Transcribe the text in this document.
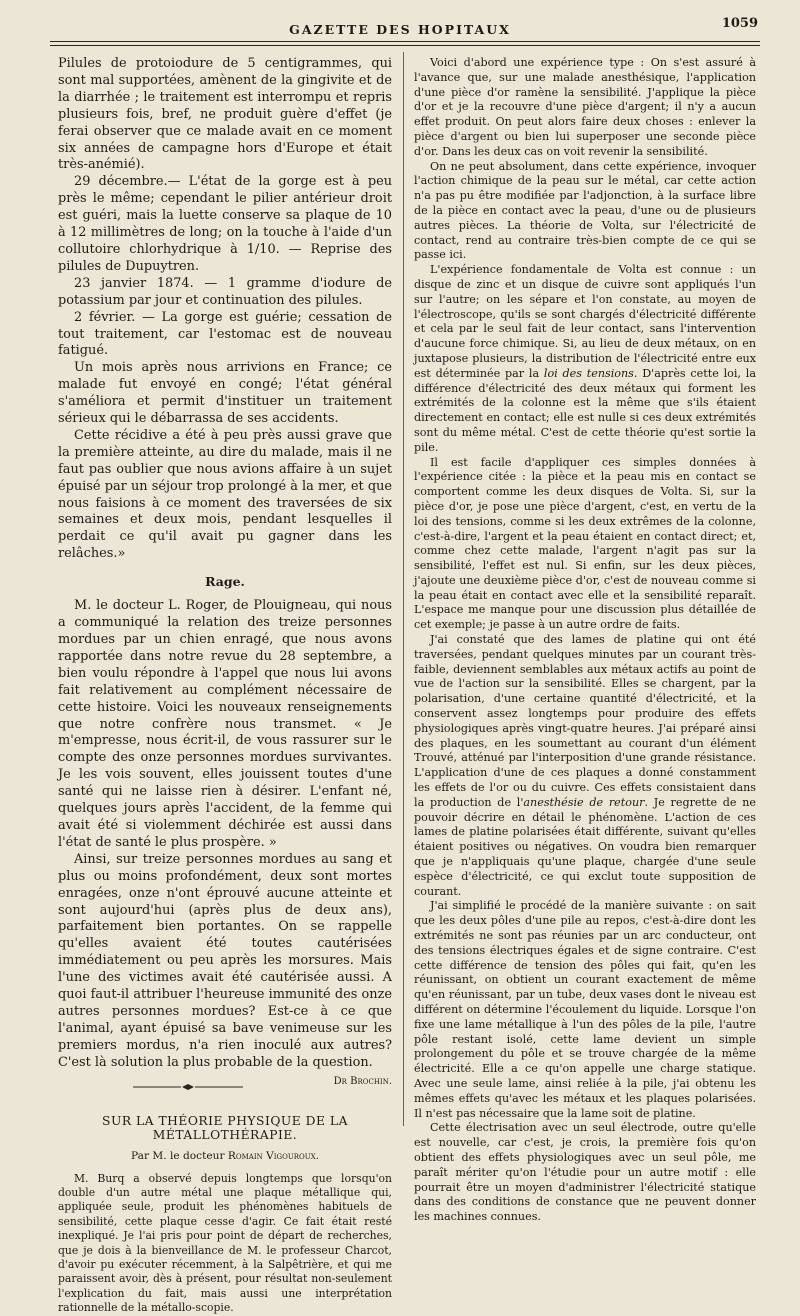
GAZETTE DES HOPITAUX	1059

Pilules de protoiodure de 5 centigrammes, qui sont mal supportées, amènent de la gingivite et de la diarrhée ; le traitement est interrompu et repris plusieurs fois, bref, ne produit guère d'effet (je ferai observer que ce malade avait en ce moment six années de campagne hors d'Europe et était très-anémié).

29 décembre.— L'état de la gorge est à peu près le même; cependant le pilier antérieur droit est guéri, mais la luette conserve sa plaque de 10 à 12 millimètres de long; on la touche à l'aide d'un collutoire chlorhydrique à 1/10. — Reprise des pilules de Dupuytren.

23 janvier 1874. — 1 gramme d'iodure de potassium par jour et continuation des pilules.

2 février. — La gorge est guérie; cessation de tout traitement, car l'estomac est de nouveau fatigué.

Un mois après nous arrivions en France; ce malade fut envoyé en congé; l'état général s'améliora et permit d'instituer un traitement sérieux qui le débarrassa de ses accidents.

Cette récidive a été à peu près aussi grave que la première atteinte, au dire du malade, mais il ne faut pas oublier que nous avions affaire à un sujet épuisé par un séjour trop prolongé à la mer, et que nous faisions à ce moment des traversées de six semaines et deux mois, pendant lesquelles il perdait ce qu'il avait pu gagner dans les relâches.»

Rage.

M. le docteur L. Roger, de Plouigneau, qui nous a communiqué la relation des treize personnes mordues par un chien enragé, que nous avons rapportée dans notre revue du 28 septembre, a bien voulu répondre à l'appel que nous lui avons fait relativement au complément nécessaire de cette histoire. Voici les nouveaux renseignements que notre confrère nous transmet. « Je m'empresse, nous écrit-il, de vous rassurer sur le compte des onze personnes mordues survivantes. Je les vois souvent, elles jouissent toutes d'une santé qui ne laisse rien à désirer. L'enfant né, quelques jours après l'accident, de la femme qui avait été si violemment déchirée est aussi dans l'état de santé le plus prospère. »

Ainsi, sur treize personnes mordues au sang et plus ou moins profondément, deux sont mortes enragées, onze n'ont éprouvé aucune atteinte et sont aujourd'hui (après plus de deux ans), parfaitement bien portantes. On se rappelle qu'elles avaient été toutes cautérisées immédiatement ou peu après les morsures. Mais l'une des victimes avait été cautérisée aussi. A quoi faut-il attribuer l'heureuse immunité des onze autres personnes mordues? Est-ce à ce que l'animal, ayant épuisé sa bave venimeuse sur les premiers mordus, n'a rien inoculé aux autres? C'est là solution la plus probable de la question.
Dr Brochin.

SUR LA THÉORIE PHYSIQUE DE LA MÉTALLOTHÉRAPIE.
Par M. le docteur Romain Vigouroux.

M. Burq a observé depuis longtemps que lorsqu'on double d'un autre métal une plaque métallique qui, appliquée seule, produit les phénomènes habituels de sensibilité, cette plaque cesse d'agir. Ce fait était resté inexpliqué. Je l'ai pris pour point de départ de recherches, que je dois à la bienveillance de M. le professeur Charcot, d'avoir pu exécuter récemment, à la Salpêtrière, et qui me paraissent avoir, dès à présent, pour résultat non-seulement l'explication du fait, mais aussi une interprétation rationnelle de la métallo-scopie.

Voici d'abord une expérience type : On s'est assuré à l'avance que, sur une malade anesthésique, l'application d'une pièce d'or ramène la sensibilité. J'applique la pièce d'or et je la recouvre d'une pièce d'argent; il n'y a aucun effet produit. On peut alors faire deux choses : enlever la pièce d'argent ou bien lui superposer une seconde pièce d'or. Dans les deux cas on voit revenir la sensibilité.

On ne peut absolument, dans cette expérience, invoquer l'action chimique de la peau sur le métal, car cette action n'a pas pu être modifiée par l'adjonction, à la surface libre de la pièce en contact avec la peau, d'une ou de plusieurs autres pièces. La théorie de Volta, sur l'électricité de contact, rend au contraire très-bien compte de ce qui se passe ici.

L'expérience fondamentale de Volta est connue : un disque de zinc et un disque de cuivre sont appliqués l'un sur l'autre; on les sépare et l'on constate, au moyen de l'électroscope, qu'ils se sont chargés d'électricité différente et cela par le seul fait de leur contact, sans l'intervention d'aucune force chimique. Si, au lieu de deux métaux, on en juxtapose plusieurs, la distribution de l'électricité entre eux est déterminée par la loi des tensions. D'après cette loi, la différence d'électricité des deux métaux qui forment les extrémités de la colonne est la même que s'ils étaient directement en contact; elle est nulle si ces deux extrémités sont du même métal. C'est de cette théorie qu'est sortie la pile.

Il est facile d'appliquer ces simples données à l'expérience citée : la pièce et la peau mis en contact se comportent comme les deux disques de Volta. Si, sur la pièce d'or, je pose une pièce d'argent, c'est, en vertu de la loi des tensions, comme si les deux extrêmes de la colonne, c'est-à-dire, l'argent et la peau étaient en contact direct; et, comme chez cette malade, l'argent n'agit pas sur la sensibilité, l'effet est nul. Si enfin, sur les deux pièces, j'ajoute une deuxième pièce d'or, c'est de nouveau comme si la peau était en contact avec elle et la sensibilité reparaît. L'espace me manque pour une discussion plus détaillée de cet exemple; je passe à un autre ordre de faits.

J'ai constaté que des lames de platine qui ont été traversées, pendant quelques minutes par un courant très-faible, deviennent semblables aux métaux actifs au point de vue de l'action sur la sensibilité. Elles se chargent, par la polarisation, d'une certaine quantité d'électricité, et la conservent assez longtemps pour produire des effets physiologiques après vingt-quatre heures. J'ai préparé ainsi des plaques, en les soumettant au courant d'un élément Trouvé, atténué par l'interposition d'une grande résistance. L'application d'une de ces plaques a donné constamment les effets de l'or ou du cuivre. Ces effets consistaient dans la production de l'anesthésie de retour. Je regrette de ne pouvoir décrire en détail le phénomène. L'action de ces lames de platine polarisées était différente, suivant qu'elles étaient positives ou négatives. On voudra bien remarquer que je n'appliquais qu'une plaque, chargée d'une seule espèce d'électricité, ce qui exclut toute supposition de courant.

J'ai simplifié le procédé de la manière suivante : on sait que les deux pôles d'une pile au repos, c'est-à-dire dont les extrémités ne sont pas réunies par un arc conducteur, ont des tensions électriques égales et de signe contraire. C'est cette différence de tension des pôles qui fait, qu'en les réunissant, on obtient un courant exactement de même qu'en réunissant, par un tube, deux vases dont le niveau est différent on détermine l'écoulement du liquide. Lorsque l'on fixe une lame métallique à l'un des pôles de la pile, l'autre pôle restant isolé, cette lame devient un simple prolongement du pôle et se trouve chargée de la même électricité. Elle a ce qu'on appelle une charge statique. Avec une seule lame, ainsi reliée à la pile, j'ai obtenu les mêmes effets qu'avec les métaux et les plaques polarisées. Il n'est pas nécessaire que la lame soit de platine.

Cette électrisation avec un seul électrode, outre qu'elle est nouvelle, car c'est, je crois, la première fois qu'on obtient des effets physiologiques avec un seul pôle, me paraît mériter qu'on l'étudie pour un autre motif : elle pourrait être un moyen d'administrer l'électricité statique dans des conditions de constance que ne peuvent donner les machines connues.
